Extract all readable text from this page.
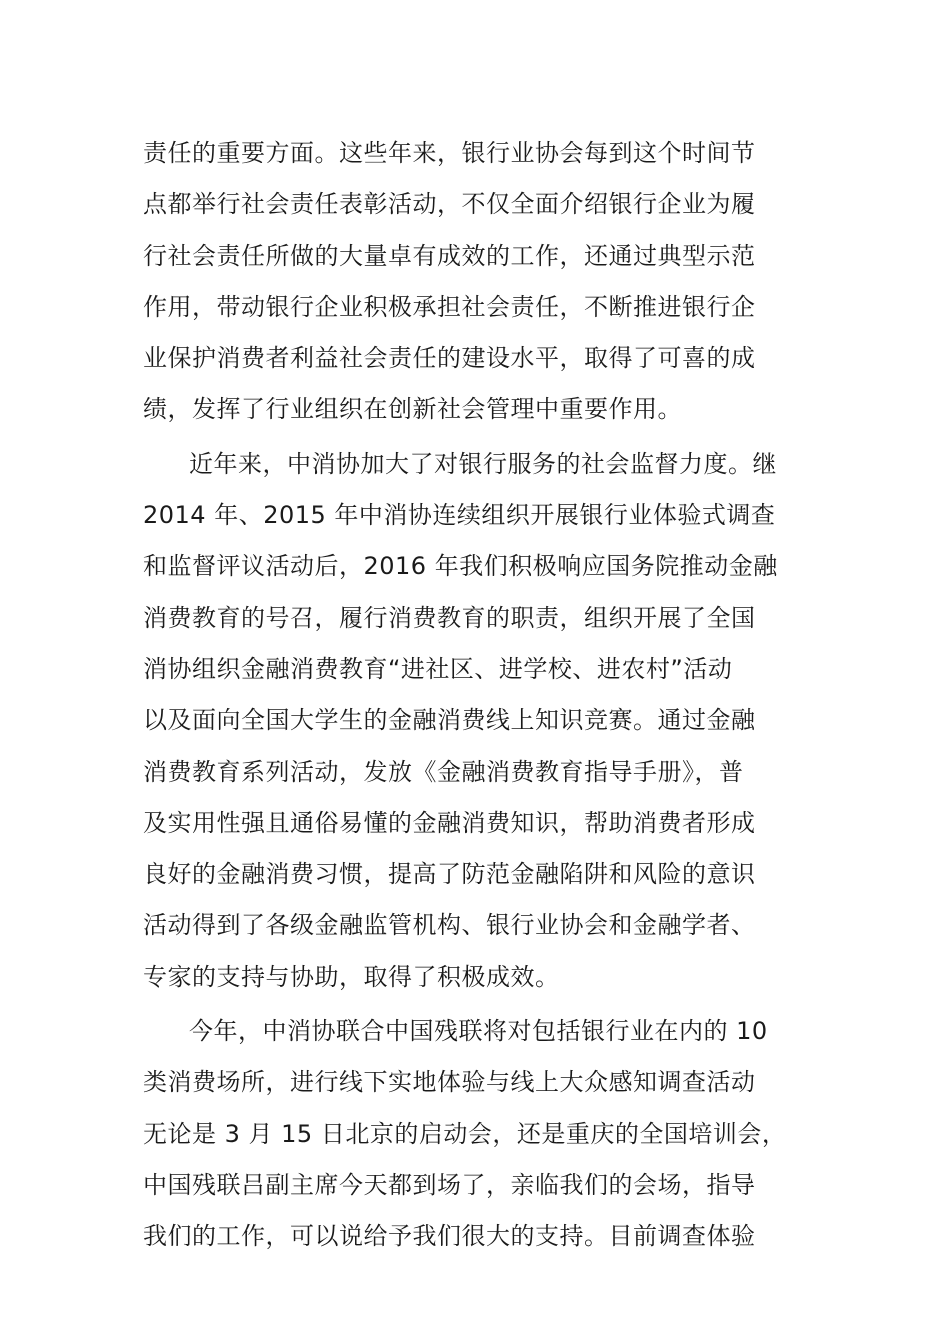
责任的重要方面。这些年来，银行业协会每到这个时间节
点都举行社会责任表彰活动，不仅全面介绍银行企业为履
行社会责任所做的大量卓有成效的工作，还通过典型示范
作用，带动银行企业积极承担社会责任，不断推进银行企
业保护消费者利益社会责任的建设水平，取得了可喜的成
绩，发挥了行业组织在创新社会管理中重要作用。

近年来，中消协加大了对银行服务的社会监督力度。继
2014 年、2015 年中消协连续组织开展银行业体验式调查
和监督评议活动后，2016 年我们积极响应国务院推动金融
消费教育的号召，履行消费教育的职责，组织开展了全国
消协组织金融消费教育“进社区、进学校、进农村”活动
以及面向全国大学生的金融消费线上知识竞赛。通过金融
消费教育系列活动，发放《金融消费教育指导手册》，普
及实用性强且通俗易懂的金融消费知识，帮助消费者形成
良好的金融消费习惯，提高了防范金融陷阱和风险的意识
活动得到了各级金融监管机构、银行业协会和金融学者、
专家的支持与协助，取得了积极成效。

今年，中消协联合中国残联将对包括银行业在内的 10
类消费场所，进行线下实地体验与线上大众感知调查活动
无论是 3 月 15 日北京的启动会，还是重庆的全国培训会，
中国残联吕副主席今天都到场了，亲临我们的会场，指导
我们的工作，可以说给予我们很大的支持。目前调查体验
